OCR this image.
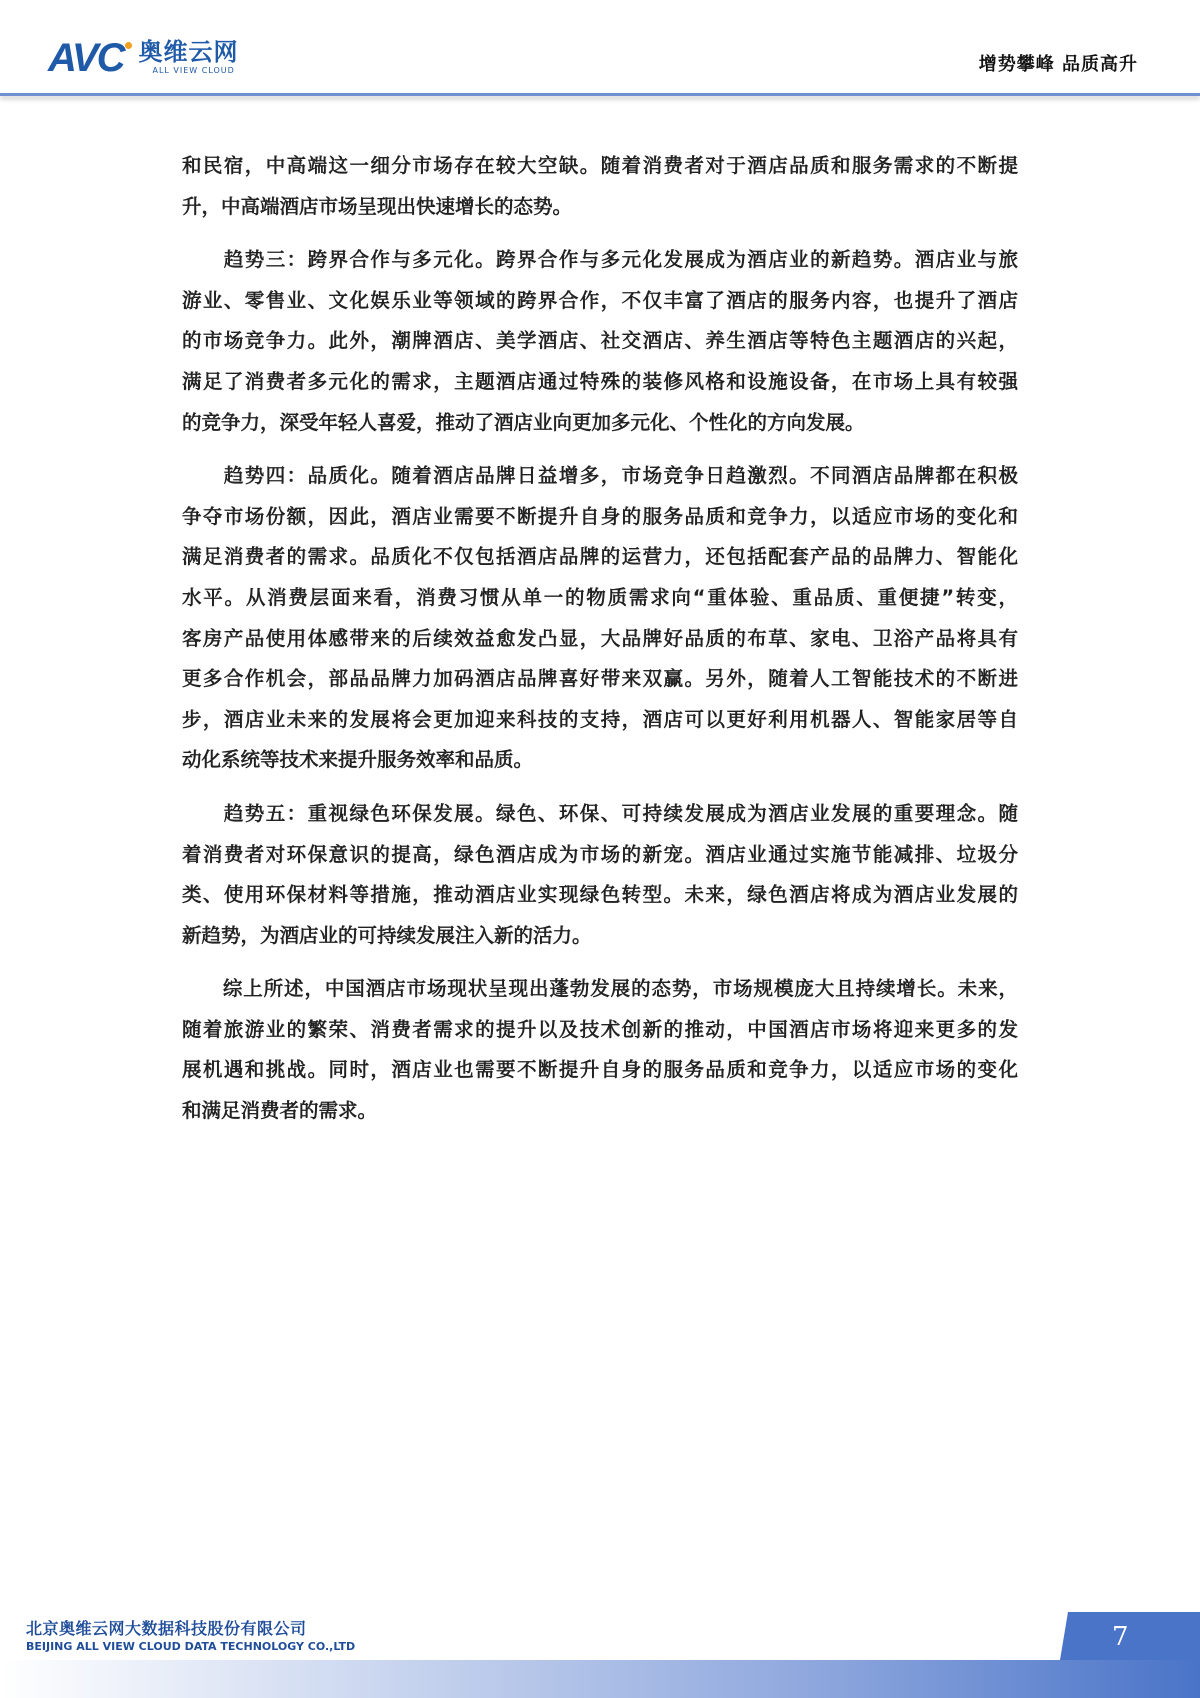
AVC 奥维云网
ALL VIEW CLOUD	增势攀峰 品质高升
和民宿，中高端这一细分市场存在较大空缺。随着消费者对于酒店品质和服务需求的不断提
升，中高端酒店市场呈现出快速增长的态势。
　　趋势三：跨界合作与多元化。跨界合作与多元化发展成为酒店业的新趋势。酒店业与旅
游业、零售业、文化娱乐业等领域的跨界合作，不仅丰富了酒店的服务内容，也提升了酒店
的市场竞争力。此外，潮牌酒店、美学酒店、社交酒店、养生酒店等特色主题酒店的兴起，
满足了消费者多元化的需求，主题酒店通过特殊的装修风格和设施设备，在市场上具有较强
的竞争力，深受年轻人喜爱，推动了酒店业向更加多元化、个性化的方向发展。
　　趋势四：品质化。随着酒店品牌日益增多，市场竞争日趋激烈。不同酒店品牌都在积极
争夺市场份额，因此，酒店业需要不断提升自身的服务品质和竞争力，以适应市场的变化和
满足消费者的需求。品质化不仅包括酒店品牌的运营力，还包括配套产品的品牌力、智能化
水平。从消费层面来看，消费习惯从单一的物质需求向“重体验、重品质、重便捷”转变，
客房产品使用体感带来的后续效益愈发凸显，大品牌好品质的布草、家电、卫浴产品将具有
更多合作机会，部品品牌力加码酒店品牌喜好带来双赢。另外，随着人工智能技术的不断进
步，酒店业未来的发展将会更加迎来科技的支持，酒店可以更好利用机器人、智能家居等自
动化系统等技术来提升服务效率和品质。
　　趋势五：重视绿色环保发展。绿色、环保、可持续发展成为酒店业发展的重要理念。随
着消费者对环保意识的提高，绿色酒店成为市场的新宠。酒店业通过实施节能减排、垃圾分
类、使用环保材料等措施，推动酒店业实现绿色转型。未来，绿色酒店将成为酒店业发展的
新趋势，为酒店业的可持续发展注入新的活力。
　　综上所述，中国酒店市场现状呈现出蓬勃发展的态势，市场规模庞大且持续增长。未来，
随着旅游业的繁荣、消费者需求的提升以及技术创新的推动，中国酒店市场将迎来更多的发
展机遇和挑战。同时，酒店业也需要不断提升自身的服务品质和竞争力，以适应市场的变化
和满足消费者的需求。
7
北京奥维云网大数据科技股份有限公司
BEIJING ALL VIEW CLOUD DATA TECHNOLOGY CO.,LTD
